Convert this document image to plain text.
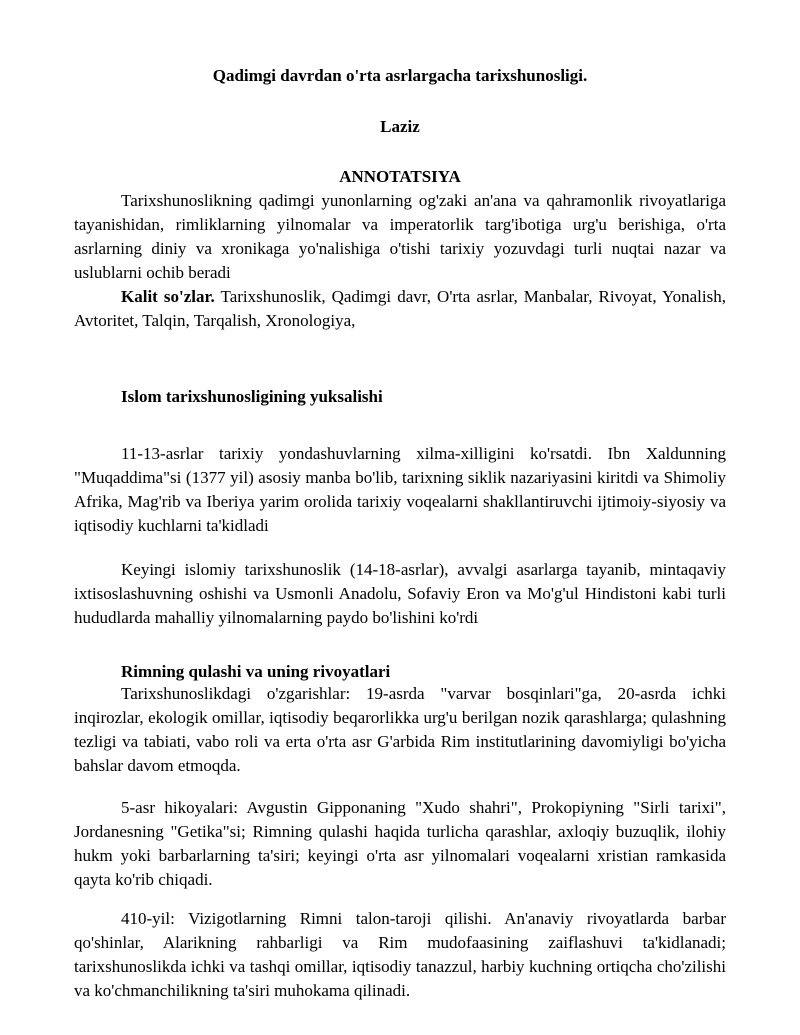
Qadimgi davrdan o'rta asrlargacha tarixshunosligi.
Laziz
ANNOTATSIYA
Tarixshunoslikning qadimgi yunonlarning og'zaki an'ana va qahramonlik rivoyatlariga tayanishidan, rimliklarning yilnomalar va imperatorlik targ'ibotiga urg'u berishiga, o'rta asrlarning diniy va xronikaga yo'nalishiga o'tishi tarixiy yozuvdagi turli nuqtai nazar va uslublarni ochib beradi
Kalit so'zlar. Tarixshunoslik, Qadimgi davr, O'rta asrlar, Manbalar, Rivoyat, Yonalish, Avtoritet, Talqin, Tarqalish, Xronologiya,
Islom tarixshunosligining yuksalishi
11-13-asrlar tarixiy yondashuvlarning xilma-xilligini ko'rsatdi. Ibn Xaldunning "Muqaddima"si (1377 yil) asosiy manba bo'lib, tarixning siklik nazariyasini kiritdi va Shimoliy Afrika, Mag'rib va Iberiya yarim orolida tarixiy voqealarni shakllantiruvchi ijtimoiy-siyosiy va iqtisodiy kuchlarni ta'kidladi
Keyingi islomiy tarixshunoslik (14-18-asrlar), avvalgi asarlarga tayanib, mintaqaviy ixtisoslashuvning oshishi va Usmonli Anadolu, Sofaviy Eron va Mo'g'ul Hindistoni kabi turli hududlarda mahalliy yilnomalarning paydo bo'lishini ko'rdi
Rimning qulashi va uning rivoyatlari
Tarixshunoslikdagi o'zgarishlar: 19-asrda "varvar bosqinlari"ga, 20-asrda ichki inqirozlar, ekologik omillar, iqtisodiy beqarorlikka urg'u berilgan nozik qarashlarga; qulashning tezligi va tabiati, vabo roli va erta o'rta asr G'arbida Rim institutlarining davomiyligi bo'yicha bahslar davom etmoqda.
5-asr hikoyalari: Avgustin Gipponaning "Xudo shahri", Prokopiyning "Sirli tarixi", Jordanesning "Getika"si; Rimning qulashi haqida turlicha qarashlar, axloqiy buzuqlik, ilohiy hukm yoki barbarlarning ta'siri; keyingi o'rta asr yilnomalari voqealarni xristian ramkasida qayta ko'rib chiqadi.
410-yil: Vizigotlarning Rimni talon-taroji qilishi. An'anaviy rivoyatlarda barbar qo'shinlar, Alarikning rahbarligi va Rim mudofaasining zaiflashuvi ta'kidlanadi; tarixshunoslikda ichki va tashqi omillar, iqtisodiy tanazzul, harbiy kuchning ortiqcha cho'zilishi va ko'chmanchilikning ta'siri muhokama qilinadi.
